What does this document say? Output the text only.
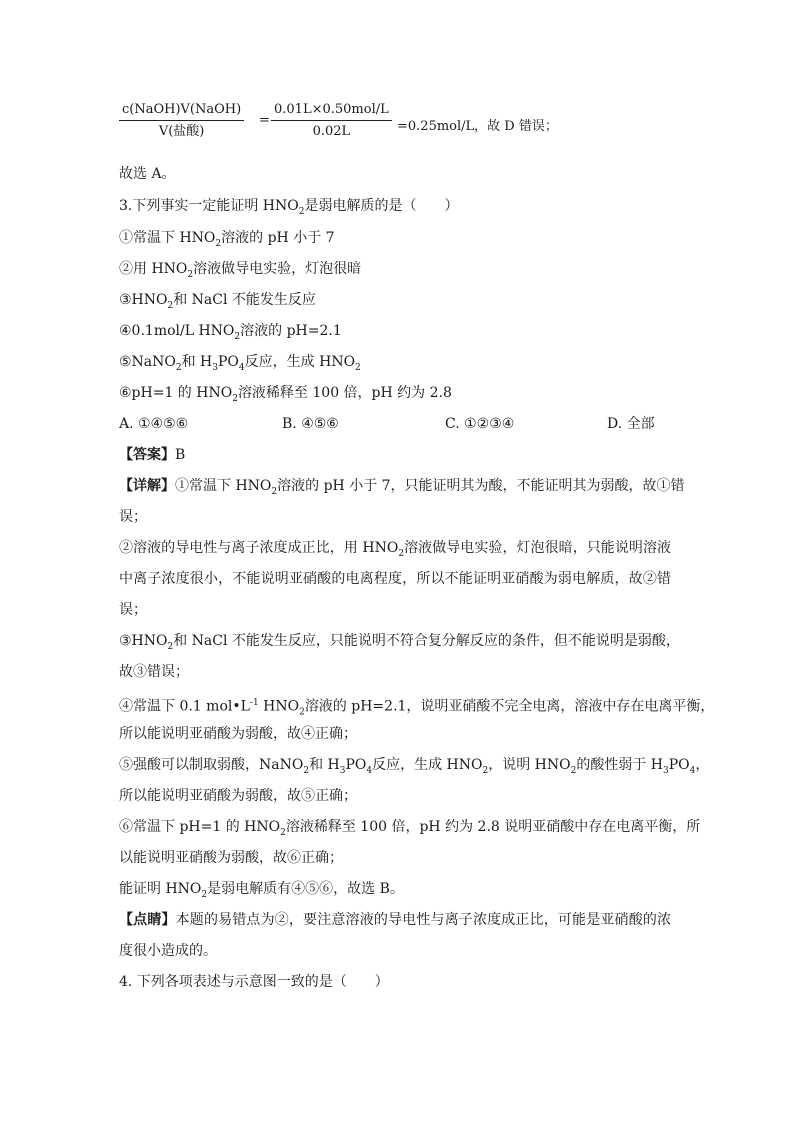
c(NaOH)V(NaOH)
V(盐酸)
=
0.01L×0.50mol/L
0.02L	=0.25mol/L，故 D 错误；
故选 A。
3.下列事实一定能证明 $HNO_2$是弱电解质的是（　　）
①常温下 $HNO_2$溶液的 pH 小于 7
②用 $HNO_2$溶液做导电实验，灯泡很暗
$③HNO_2$和 NaCl 不能发生反应
④0.1mol/L $HNO_2$溶液的 pH=2.1
⑤NaNO$_2$和 $H_3PO_4$反应，生成 $HNO_2$
⑥pH=1 的 $HNO_2$溶液稀释至 100 倍，pH 约为 2.8
A. ①④⑤⑥	B. ④⑤⑥	C. ①②③④	D. 全部
【答案】B
【详解】①常温下 $HNO_2$溶液的 pH 小于 7，只能证明其为酸，不能证明其为弱酸，故①错
误；
②溶液的导电性与离子浓度成正比，用 $HNO_2$溶液做导电实验，灯泡很暗，只能说明溶液
中离子浓度很小，不能说明亚硝酸的电离程度，所以不能证明亚硝酸为弱电解质，故②错
误；
$③HNO_2$和 NaCl 不能发生反应，只能说明不符合复分解反应的条件，但不能说明是弱酸，
故③错误；
④常温下 0.1 $mol•L^{-1}$ $HNO_2$溶液的 pH=2.1，说明亚硝酸不完全电离，溶液中存在电离平衡，
所以能说明亚硝酸为弱酸，故④正确；
⑤强酸可以制取弱酸，NaNO$_2$和 $H_3PO_4$反应，生成 $HNO_2$，说明 $HNO_2$的酸性弱于 $H_3PO_4$，
所以能说明亚硝酸为弱酸，故⑤正确；
⑥常温下 pH=1 的 $HNO_2$溶液稀释至 100 倍，pH 约为 2.8 说明亚硝酸中存在电离平衡，所
以能说明亚硝酸为弱酸，故⑥正确；
能证明 $HNO_2$是弱电解质有④⑤⑥，故选 B。
【点睛】本题的易错点为②，要注意溶液的导电性与离子浓度成正比，可能是亚硝酸的浓
度很小造成的。
4. 下列各项表述与示意图一致的是（　　）
